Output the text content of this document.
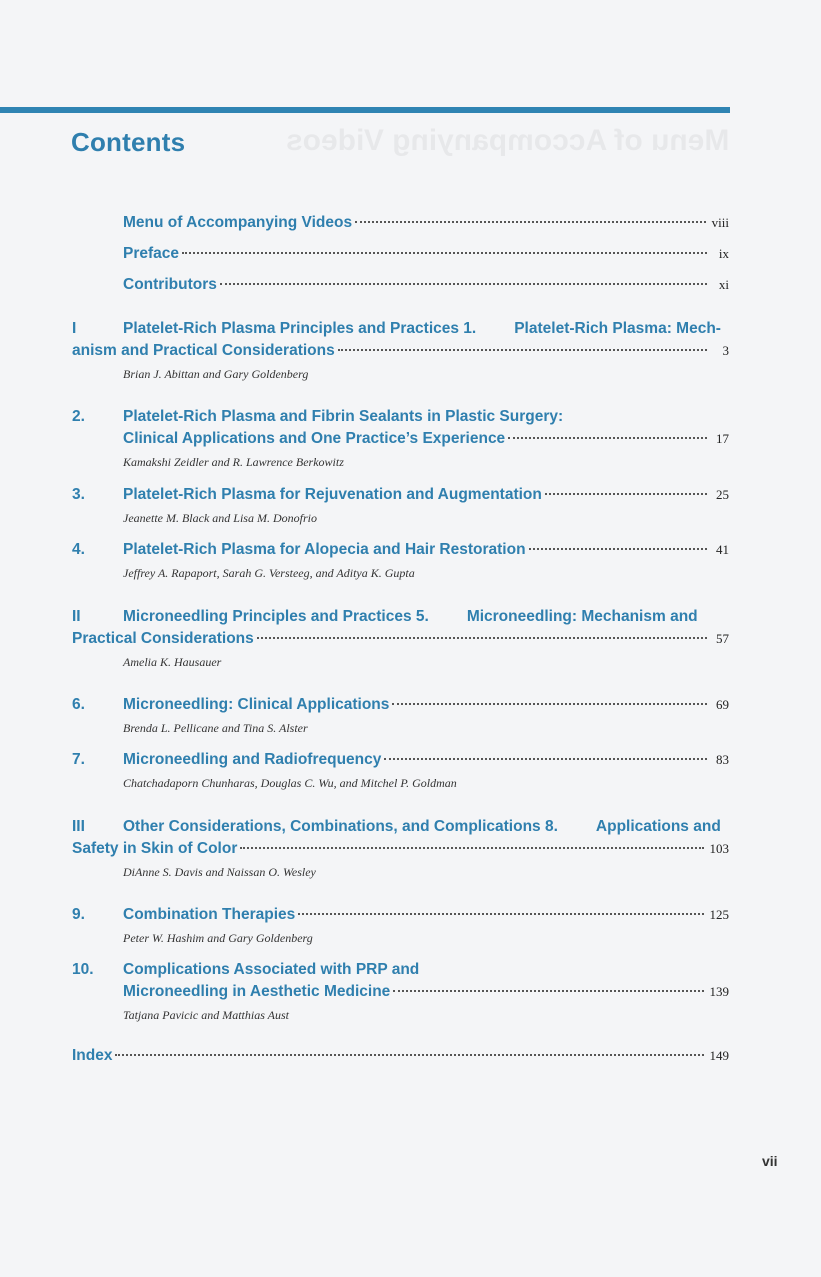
Menu of Accompanying Videos
Contents
Menu of Accompanying Videos	viii
Preface	ix
Contributors	xi
I	Platelet-Rich Plasma Principles and Practices 1. Platelet-Rich Plasma: Mech-
anism and Practical Considerations	3
Brian J. Abittan and Gary Goldenberg
2.	Platelet-Rich Plasma and Fibrin Sealants in Plastic Surgery:
Clinical Applications and One Practice’s Experience	17
Kamakshi Zeidler and R. Lawrence Berkowitz
3.	Platelet-Rich Plasma for Rejuvenation and Augmentation	25
Jeanette M. Black and Lisa M. Donofrio
4.	Platelet-Rich Plasma for Alopecia and Hair Restoration	41
Jeffrey A. Rapaport, Sarah G. Versteeg, and Aditya K. Gupta
II	Microneedling Principles and Practices 5. Microneedling: Mechanism and
Practical Considerations	57
Amelia K. Hausauer
6.	Microneedling: Clinical Applications	69
Brenda L. Pellicane and Tina S. Alster
7.	Microneedling and Radiofrequency	83
Chatchadaporn Chunharas, Douglas C. Wu, and Mitchel P. Goldman
III	Other Considerations, Combinations, and Complications 8. Applications and
Safety in Skin of Color	103
DiAnne S. Davis and Naissan O. Wesley
9.	Combination Therapies	125
Peter W. Hashim and Gary Goldenberg
10.	Complications Associated with PRP and
Microneedling in Aesthetic Medicine	139
Tatjana Pavicic and Matthias Aust
Index	149
vii
